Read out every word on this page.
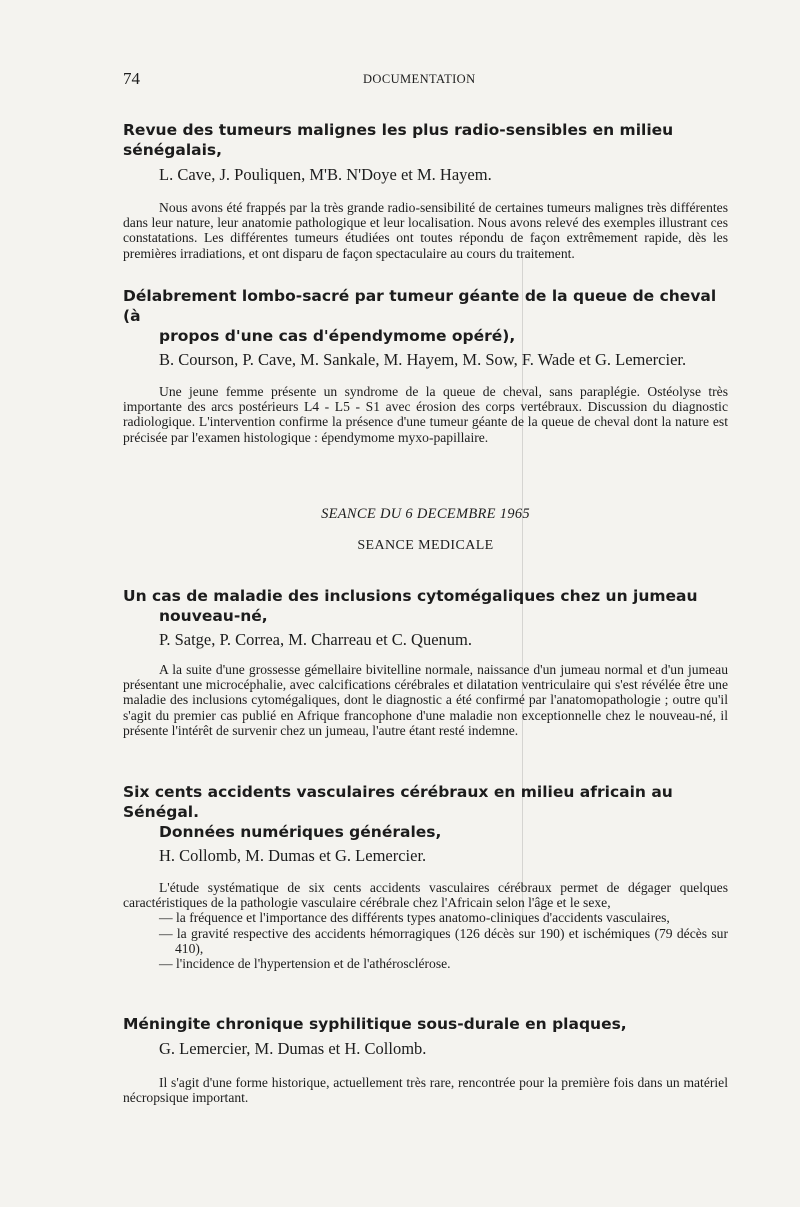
74	DOCUMENTATION

Revue des tumeurs malignes les plus radio-sensibles en milieu sénégalais,

L. Cave, J. Pouliquen, M'B. N'Doye et M. Hayem.

Nous avons été frappés par la très grande radio-sensibilité de certaines tumeurs malignes très différentes dans leur nature, leur anatomie pathologique et leur localisation. Nous avons relevé des exemples illustrant ces constatations. Les différentes tumeurs étudiées ont toutes répondu de façon extrêmement rapide, dès les premières irradiations, et ont disparu de façon spectaculaire au cours du traitement.

Délabrement lombo-sacré par tumeur géante de la queue de cheval (à
propos d'une cas d'épendymome opéré),

B. Courson, P. Cave, M. Sankale, M. Hayem, M. Sow, F. Wade et G. Lemercier.

Une jeune femme présente un syndrome de la queue de cheval, sans paraplégie. Ostéolyse très importante des arcs postérieurs L4 - L5 - S1 avec érosion des corps vertébraux. Discussion du diagnostic radiologique. L'intervention confirme la présence d'une tumeur géante de la queue de cheval dont la nature est précisée par l'examen histologique : épendymome myxo-papillaire.

SEANCE DU 6 DECEMBRE 1965
SEANCE MEDICALE

Un cas de maladie des inclusions cytomégaliques chez un jumeau
nouveau-né,

P. Satge, P. Correa, M. Charreau et C. Quenum.

A la suite d'une grossesse gémellaire bivitelline normale, naissance d'un jumeau normal et d'un jumeau présentant une microcéphalie, avec calcifications cérébrales et dilatation ventriculaire qui s'est révélée être une maladie des inclusions cytomégaliques, dont le diagnostic a été confirmé par l'anatomopathologie ; outre qu'il s'agit du premier cas publié en Afrique francophone d'une maladie non exceptionnelle chez le nouveau-né, il présente l'intérêt de survenir chez un jumeau, l'autre étant resté indemne.

Six cents accidents vasculaires cérébraux en milieu africain au Sénégal.
Données numériques générales,

H. Collomb, M. Dumas et G. Lemercier.

L'étude systématique de six cents accidents vasculaires cérébraux permet de dégager quelques caractéristiques de la pathologie vasculaire cérébrale chez l'Africain selon l'âge et le sexe,

— la fréquence et l'importance des différents types anatomo-cliniques d'accidents vasculaires,

— la gravité respective des accidents hémorragiques (126 décès sur 190) et ischémiques (79 décès sur 410),

— l'incidence de l'hypertension et de l'athérosclérose.

Méningite chronique syphilitique sous-durale en plaques,

G. Lemercier, M. Dumas et H. Collomb.

Il s'agit d'une forme historique, actuellement très rare, rencontrée pour la première fois dans un matériel nécropsique important.
